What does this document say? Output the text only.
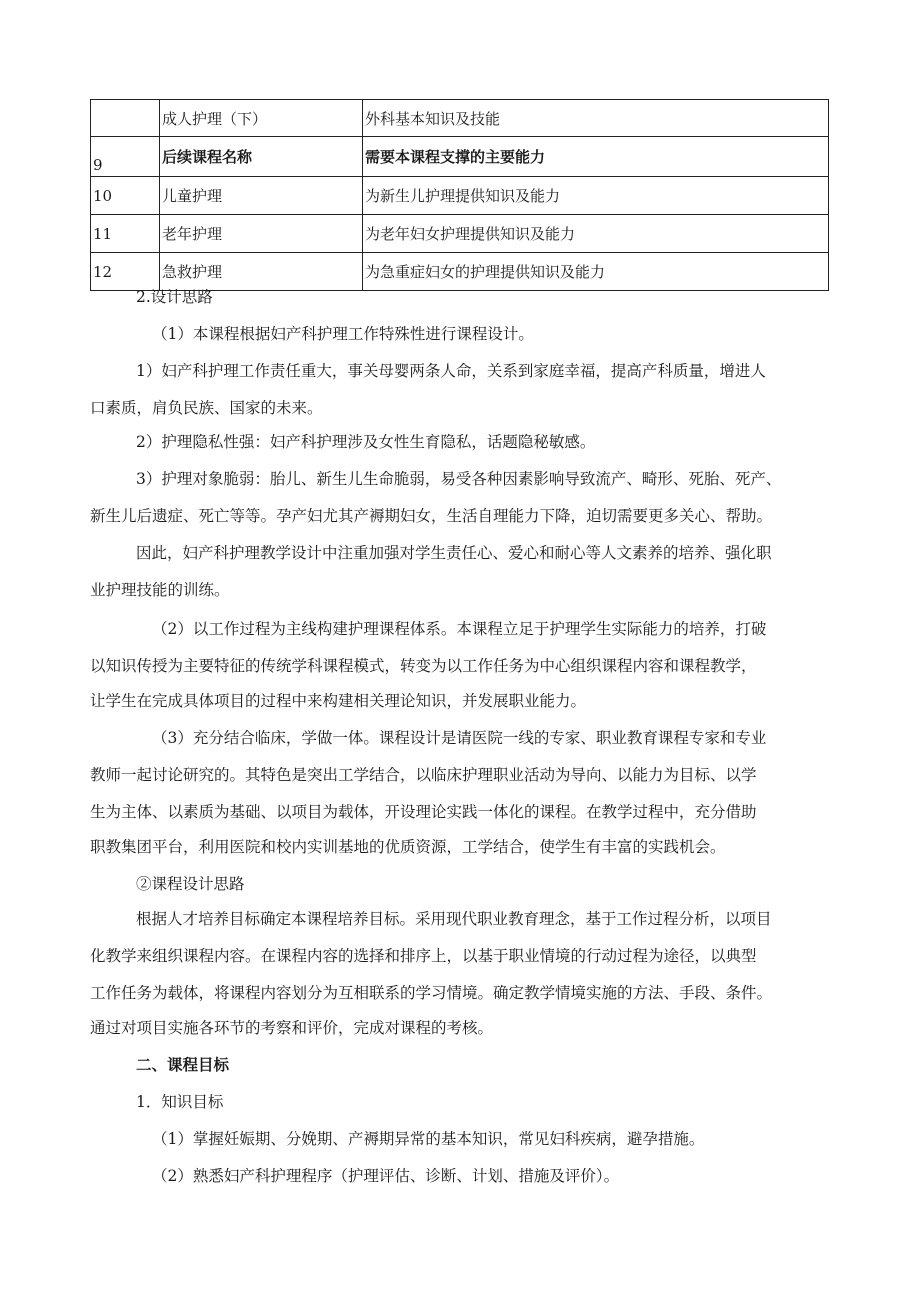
	成人护理（下）	外科基本知识及技能
9	后续课程名称	需要本课程支撑的主要能力
10	儿童护理	为新生儿护理提供知识及能力
11	老年护理	为老年妇女护理提供知识及能力
12	急救护理	为急重症妇女的护理提供知识及能力
2.设计思路
（1）本课程根据妇产科护理工作特殊性进行课程设计。
1）妇产科护理工作责任重大，事关母婴两条人命，关系到家庭幸福，提高产科质量，增进人
口素质，肩负民族、国家的未来。
2）护理隐私性强：妇产科护理涉及女性生育隐私，话题隐秘敏感。
3）护理对象脆弱：胎儿、新生儿生命脆弱，易受各种因素影响导致流产、畸形、死胎、死产、
新生儿后遗症、死亡等等。孕产妇尤其产褥期妇女，生活自理能力下降，迫切需要更多关心、帮助。
因此，妇产科护理教学设计中注重加强对学生责任心、爱心和耐心等人文素养的培养、强化职
业护理技能的训练。
（2）以工作过程为主线构建护理课程体系。本课程立足于护理学生实际能力的培养，打破
以知识传授为主要特征的传统学科课程模式，转变为以工作任务为中心组织课程内容和课程教学，
让学生在完成具体项目的过程中来构建相关理论知识，并发展职业能力。
（3）充分结合临床，学做一体。课程设计是请医院一线的专家、职业教育课程专家和专业
教师一起讨论研究的。其特色是突出工学结合，以临床护理职业活动为导向、以能力为目标、以学
生为主体、以素质为基础、以项目为载体，开设理论实践一体化的课程。在教学过程中，充分借助
职教集团平台，利用医院和校内实训基地的优质资源，工学结合，使学生有丰富的实践机会。
②课程设计思路
根据人才培养目标确定本课程培养目标。采用现代职业教育理念，基于工作过程分析，以项目
化教学来组织课程内容。在课程内容的选择和排序上，以基于职业情境的行动过程为途径，以典型
工作任务为载体，将课程内容划分为互相联系的学习情境。确定教学情境实施的方法、手段、条件。
通过对项目实施各环节的考察和评价，完成对课程的考核。
二、课程目标
1．知识目标
（1）掌握妊娠期、分娩期、产褥期异常的基本知识，常见妇科疾病，避孕措施。
（2）熟悉妇产科护理程序（护理评估、诊断、计划、措施及评价）。
